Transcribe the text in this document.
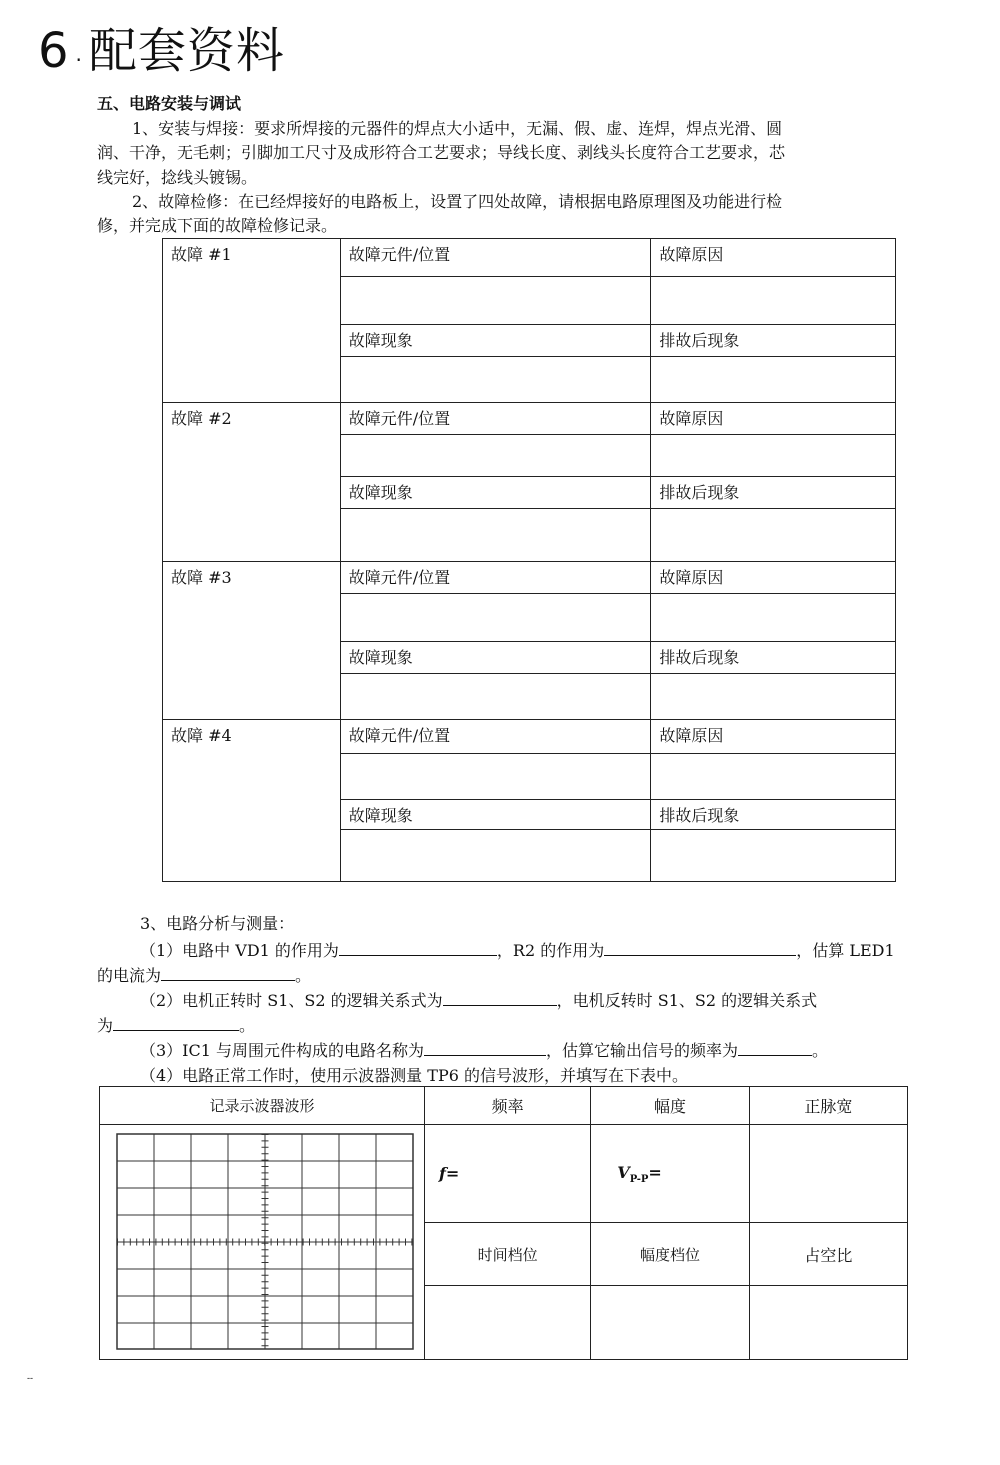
6 . 配套资料
五、电路安装与调试
1、安装与焊接：要求所焊接的元器件的焊点大小适中，无漏、假、虚、连焊，焊点光滑、圆
润、干净，无毛刺；引脚加工尺寸及成形符合工艺要求；导线长度、剥线头长度符合工艺要求，芯
线完好，捻线头镀锡。
2、故障检修：在已经焊接好的电路板上，设置了四处故障，请根据电路原理图及功能进行检
修，并完成下面的故障检修记录。
故障 #1	故障元件/位置	故障原因

	故障现象	排故后现象

故障 #2	故障元件/位置	故障原因

	故障现象	排故后现象

故障 #3	故障元件/位置	故障原因

	故障现象	排故后现象

故障 #4	故障元件/位置	故障原因

	故障现象	排故后现象

3、电路分析与测量：
（1）电路中 VD1 的作用为	，R2 的作用为	，估算 LED1
的电流为	。
（2）电机正转时 S1、S2 的逻辑关系式为	，电机反转时 S1、S2 的逻辑关系式
为	。
（3）IC1 与周围元件构成的电路名称为	，估算它输出信号的频率为	。
（4）电路正常工作时，使用示波器测量 TP6 的信号波形，并填写在下表中。
记录示波器波形	频率	幅度	正脉宽

	f=	$V_{P-P}=$	
	时间档位	幅度档位	占空比

--
